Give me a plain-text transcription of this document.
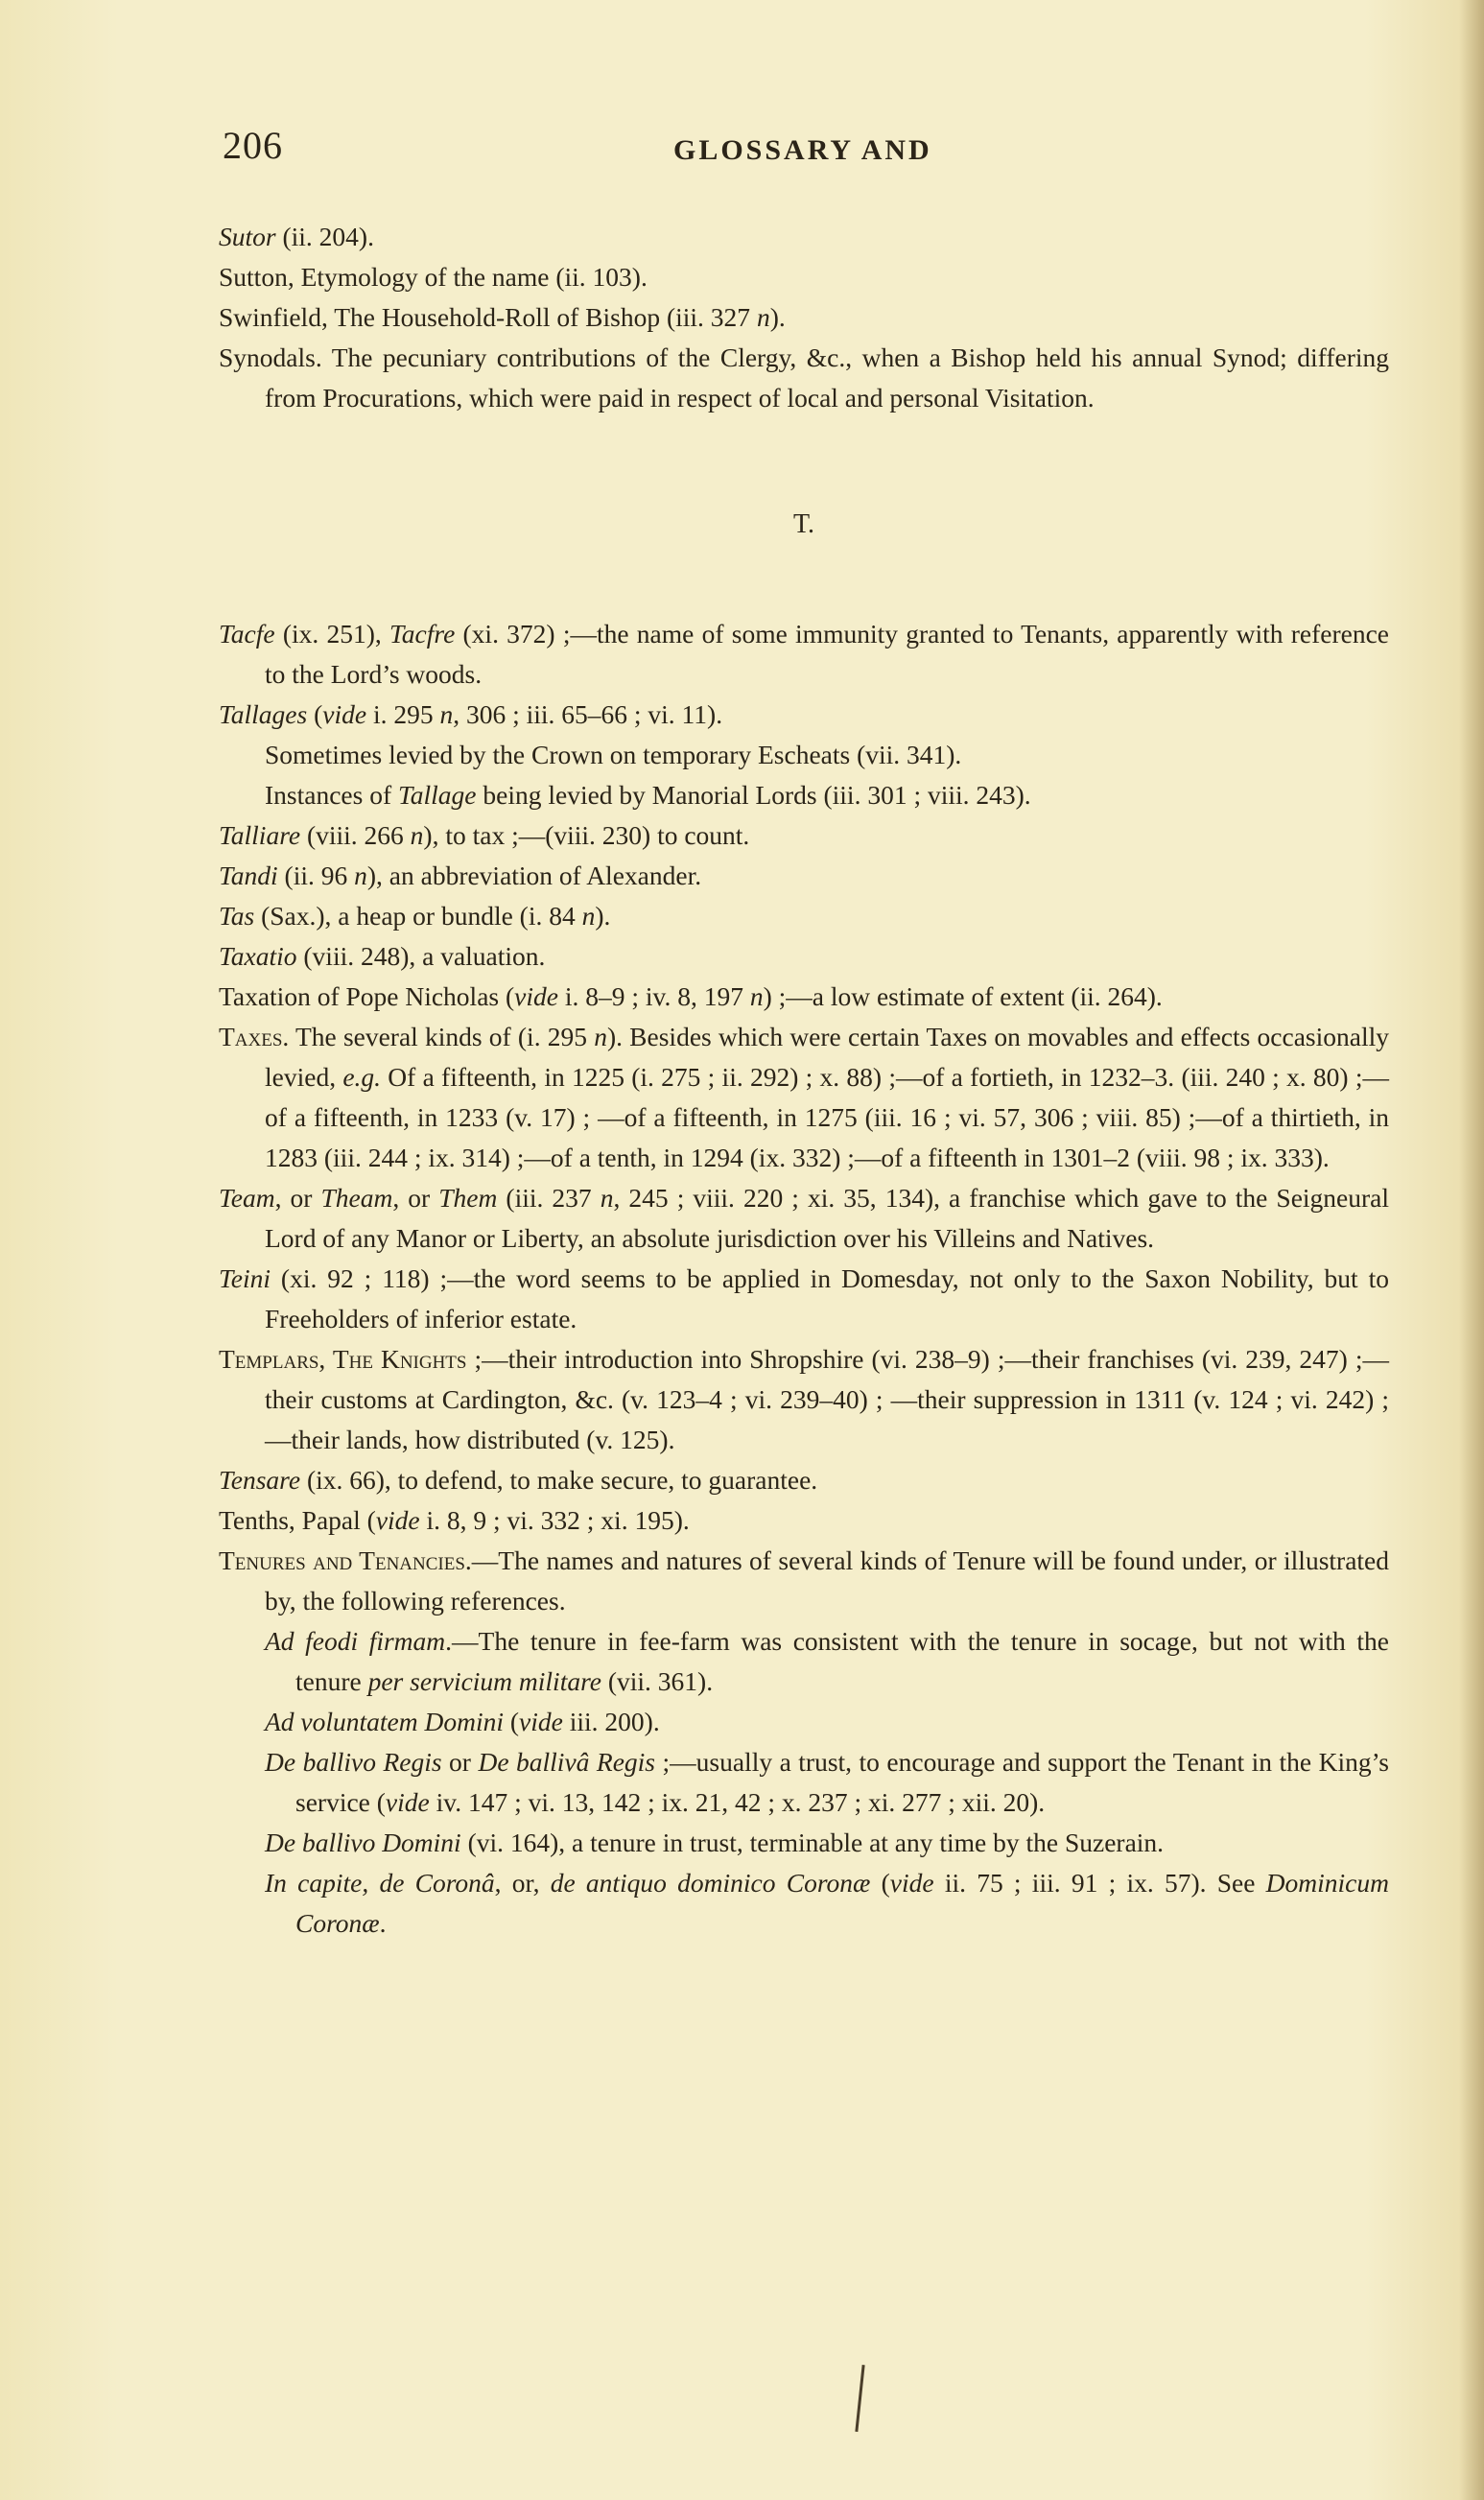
206	GLOSSARY AND

Sutor (ii. 204).

Sutton, Etymology of the name (ii. 103).

Swinfield, The Household-Roll of Bishop (iii. 327 n).

Synodals. The pecuniary contributions of the Clergy, &c., when a Bishop held his annual Synod; differing from Procurations, which were paid in respect of local and personal Visitation.

T.

Tacfe (ix. 251), Tacfre (xi. 372) ;—the name of some immunity granted to Tenants, apparently with reference to the Lord’s woods.

Tallages (vide i. 295 n, 306 ; iii. 65–66 ; vi. 11).

Sometimes levied by the Crown on temporary Escheats (vii. 341).

Instances of Tallage being levied by Manorial Lords (iii. 301 ; viii. 243).

Talliare (viii. 266 n), to tax ;—(viii. 230) to count.

Tandi (ii. 96 n), an abbreviation of Alexander.

Tas (Sax.), a heap or bundle (i. 84 n).

Taxatio (viii. 248), a valuation.

Taxation of Pope Nicholas (vide i. 8–9 ; iv. 8, 197 n) ;—a low estimate of extent (ii. 264).

Taxes. The several kinds of (i. 295 n). Besides which were certain Taxes on movables and effects occasionally levied, e.g. Of a fifteenth, in 1225 (i. 275 ; ii. 292) ; x. 88) ;—of a fortieth, in 1232–3. (iii. 240 ; x. 80) ;—of a fifteenth, in 1233 (v. 17) ; —of a fifteenth, in 1275 (iii. 16 ; vi. 57, 306 ; viii. 85) ;—of a thirtieth, in 1283 (iii. 244 ; ix. 314) ;—of a tenth, in 1294 (ix. 332) ;—of a fifteenth in 1301–2 (viii. 98 ; ix. 333).

Team, or Theam, or Them (iii. 237 n, 245 ; viii. 220 ; xi. 35, 134), a franchise which gave to the Seigneural Lord of any Manor or Liberty, an absolute jurisdiction over his Villeins and Natives.

Teini (xi. 92 ; 118) ;—the word seems to be applied in Domesday, not only to the Saxon Nobility, but to Freeholders of inferior estate.

Templars, The Knights ;—their introduction into Shropshire (vi. 238–9) ;—their franchises (vi. 239, 247) ;—their customs at Cardington, &c. (v. 123–4 ; vi. 239–40) ; —their suppression in 1311 (v. 124 ; vi. 242) ;—their lands, how distributed (v. 125).

Tensare (ix. 66), to defend, to make secure, to guarantee.

Tenths, Papal (vide i. 8, 9 ; vi. 332 ; xi. 195).

Tenures and Tenancies.—The names and natures of several kinds of Tenure will be found under, or illustrated by, the following references.

Ad feodi firmam.—The tenure in fee-farm was consistent with the tenure in socage, but not with the tenure per servicium militare (vii. 361).

Ad voluntatem Domini (vide iii. 200).

De ballivo Regis or De ballivâ Regis ;—usually a trust, to encourage and support the Tenant in the King’s service (vide iv. 147 ; vi. 13, 142 ; ix. 21, 42 ; x. 237 ; xi. 277 ; xii. 20).

De ballivo Domini (vi. 164), a tenure in trust, terminable at any time by the Suzerain.

In capite, de Coronâ, or, de antiquo dominico Coronæ (vide ii. 75 ; iii. 91 ; ix. 57). See Dominicum Coronæ.
